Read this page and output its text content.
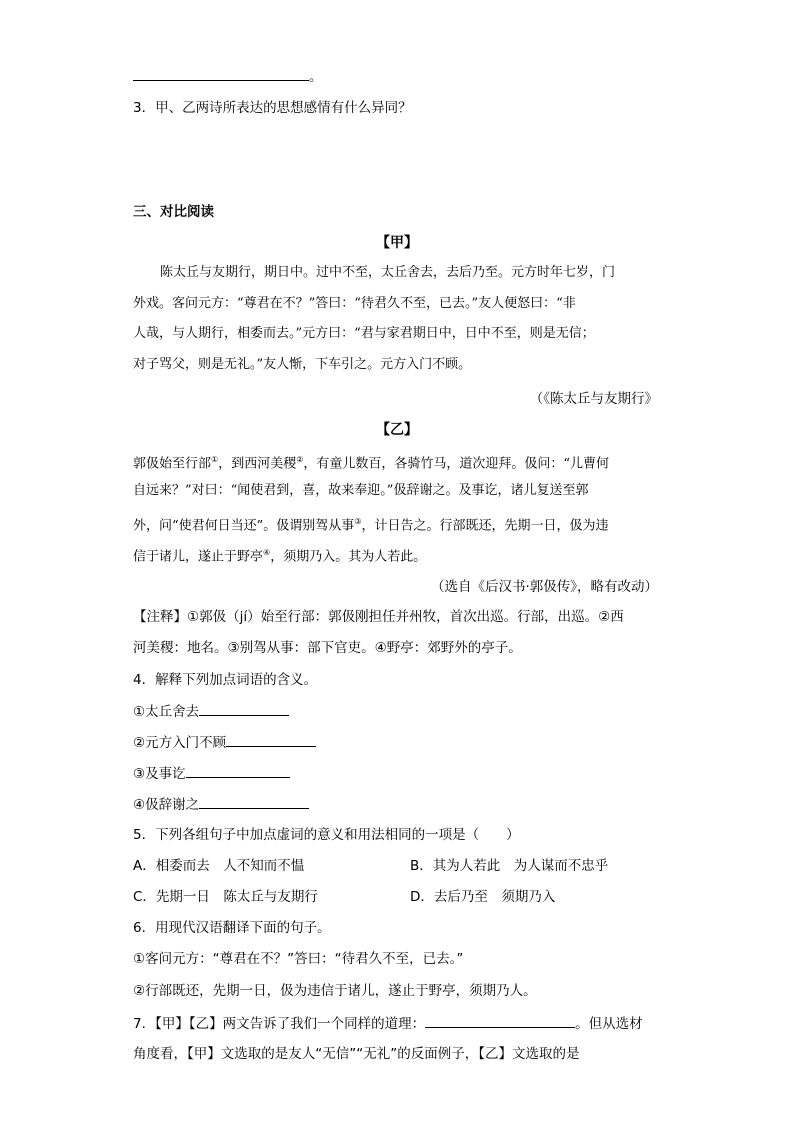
。
3．甲、乙两诗所表达的思想感情有什么异同？
三、对比阅读
【甲】
陈太丘与友期行，期日中。过中不至，太丘舍去，去后乃至。元方时年七岁，门
外戏。客问元方：“尊君在不？”答曰：“待君久不至，已去。”友人便怒曰：“非
人哉，与人期行，相委而去。”元方曰：“君与家君期日中，日中不至，则是无信；
对子骂父，则是无礼。”友人惭，下车引之。元方入门不顾。
（《陈太丘与友期行》
【乙】
郭伋始至行部①，到西河美稷②，有童儿数百，各骑竹马，道次迎拜。伋问：“儿曹何
自远来？”对曰：“闻使君到，喜，故来奉迎。”伋辞谢之。及事讫，诸儿复送至郭
外，问“使君何日当还”。伋谓别驾从事③，计日告之。行部既还，先期一日，伋为违
信于诸儿，遂止于野亭④，须期乃入。其为人若此。
（选自《后汉书·郭伋传》，略有改动）
【注释】①郭伋（jí）始至行部：郭伋刚担任并州牧，首次出巡。行部，出巡。②西
河美稷：地名。③别驾从事：部下官吏。④野亭：郊野外的亭子。
4．解释下列加点词语的含义。
①太丘舍去
②元方入门不顾
③及事讫
④伋辞谢之
5．下列各组句子中加点虚词的意义和用法相同的一项是（　　）
A．相委而去　人不知而不愠	B．其为人若此　为人谋而不忠乎
C．先期一日　陈太丘与友期行	D．去后乃至　须期乃入
6．用现代汉语翻译下面的句子。
①客问元方：“尊君在不？”答曰：“待君久不至，已去。”
②行部既还，先期一日，伋为违信于诸儿，遂止于野亭，须期乃人。
7．【甲】【乙】两文告诉了我们一个同样的道理：	。但从选材
角度看，【甲】文选取的是友人“无信”“无礼”的反面例子，【乙】文选取的是
